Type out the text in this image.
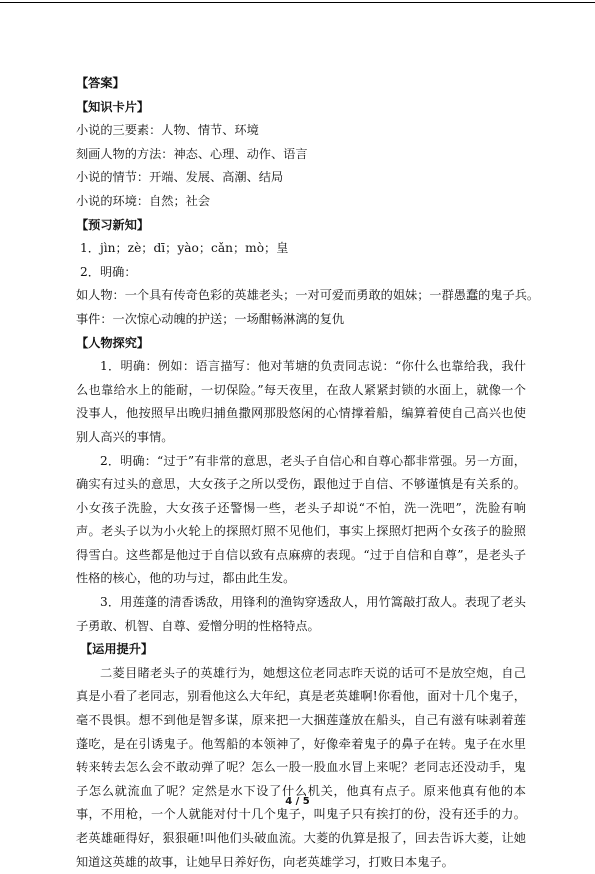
【答案】
【知识卡片】
小说的三要素：人物、情节、环境
刻画人物的方法：神态、心理、动作、语言
小说的情节：开端、发展、高潮、结局
小说的环境：自然；社会
【预习新知】
1．jìn；zè；dī；yào；cǎn；mò；皇
2．明确：
如人物：一个具有传奇色彩的英雄老头；一对可爱而勇敢的姐妹；一群愚蠢的鬼子兵。
事件：一次惊心动魄的护送；一场酣畅淋漓的复仇
【人物探究】

1．明确：例如：语言描写：他对苇塘的负责同志说：“你什么也靠给我，我什么也靠给水上的能耐，一切保险。”每天夜里，在敌人紧紧封锁的水面上，就像一个没事人，他按照早出晚归捕鱼撒网那股悠闲的心情撑着船，编算着使自己高兴也使别人高兴的事情。

2．明确：“过于”有非常的意思，老头子自信心和自尊心都非常强。另一方面，确实有过头的意思，大女孩子之所以受伤，跟他过于自信、不够谨慎是有关系的。小女孩子洗脸，大女孩子还警惕一些，老头子却说“不怕，洗一洗吧”，洗脸有响声。老头子以为小火轮上的探照灯照不见他们，事实上探照灯把两个女孩子的脸照得雪白。这些都是他过于自信以致有点麻痹的表现。“过于自信和自尊”，是老头子性格的核心，他的功与过，都由此生发。

3．用莲蓬的清香诱敌，用锋利的渔钩穿透敌人，用竹篙敲打敌人。表现了老头子勇敢、机智、自尊、爱憎分明的性格特点。

【运用提升】

二菱目睹老头子的英雄行为，她想这位老同志昨天说的话可不是放空炮，自己真是小看了老同志，别看他这么大年纪，真是老英雄啊!你看他，面对十几个鬼子，毫不畏惧。想不到他是智多谋，原来把一大捆莲蓬放在船头，自己有滋有味剥着莲蓬吃，是在引诱鬼子。他驾船的本领神了，好像牵着鬼子的鼻子在转。鬼子在水里转来转去怎么会不敢动弹了呢？怎么一股一股血水冒上来呢？老同志还没动手，鬼子怎么就流血了呢？定然是水下设了什么机关，他真有点子。原来他真有他的本事，不用枪，一个人就能对付十几个鬼子，叫鬼子只有挨打的份，没有还手的力。老英雄砸得好，狠狠砸!叫他们头破血流。大菱的仇算是报了，回去告诉大菱，让她知道这英雄的故事，让她早日养好伤，向老英雄学习，打败日本鬼子。

4 / 5
